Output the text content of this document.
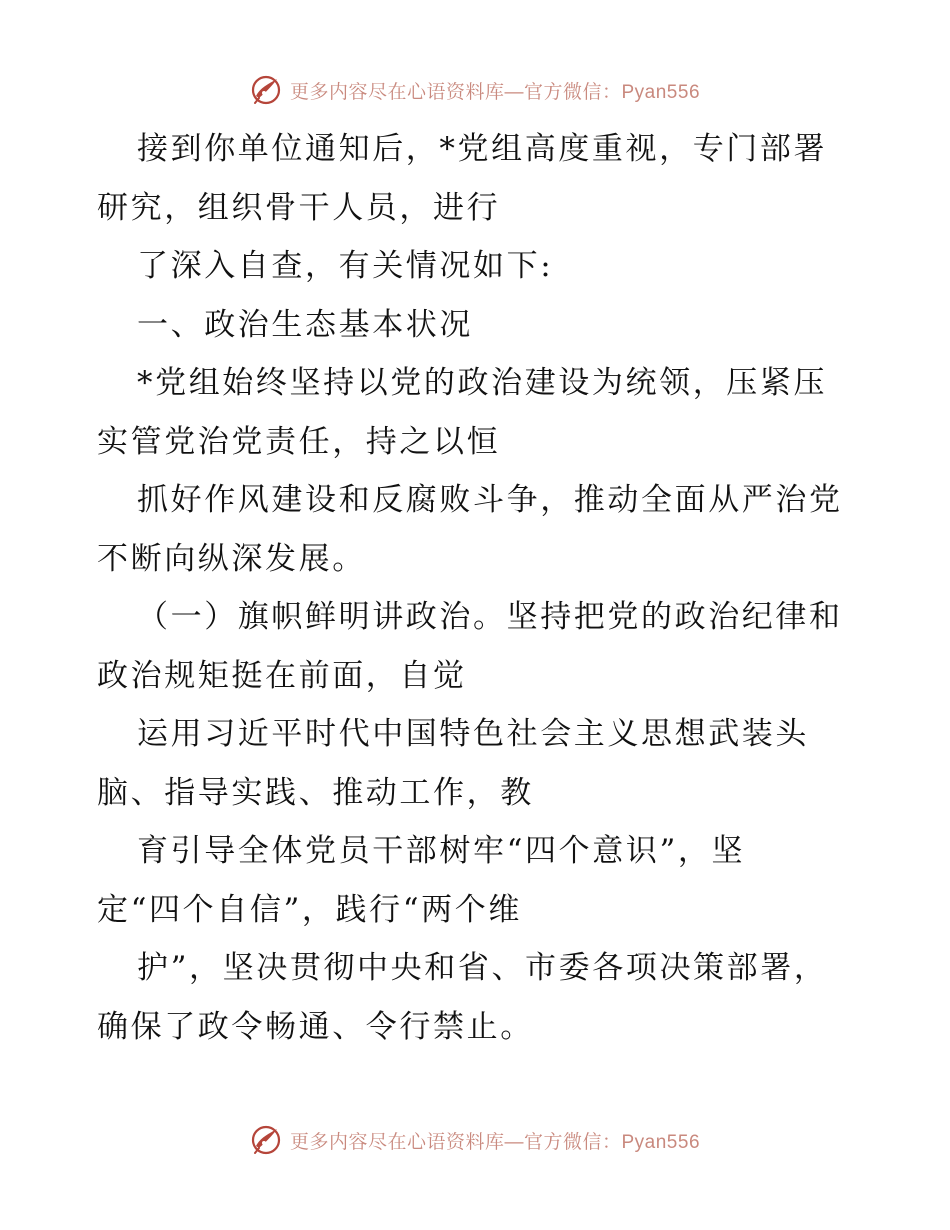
更多内容尽在心语资料库—官方微信：Pyan556
接到你单位通知后，*党组高度重视，专门部署
研究，组织骨干人员，进行
了深入自查，有关情况如下:
一、政治生态基本状况
*党组始终坚持以党的政治建设为统领，压紧压
实管党治党责任，持之以恒
抓好作风建设和反腐败斗争，推动全面从严治党
不断向纵深发展。
（一）旗帜鲜明讲政治。坚持把党的政治纪律和
政治规矩挺在前面，自觉
运用习近平时代中国特色社会主义思想武装头
脑、指导实践、推动工作，教
育引导全体党员干部树牢“四个意识”，坚
定“四个自信”，践行“两个维
护”，坚决贯彻中央和省、市委各项决策部署，
确保了政令畅通、令行禁止。
更多内容尽在心语资料库—官方微信：Pyan556
